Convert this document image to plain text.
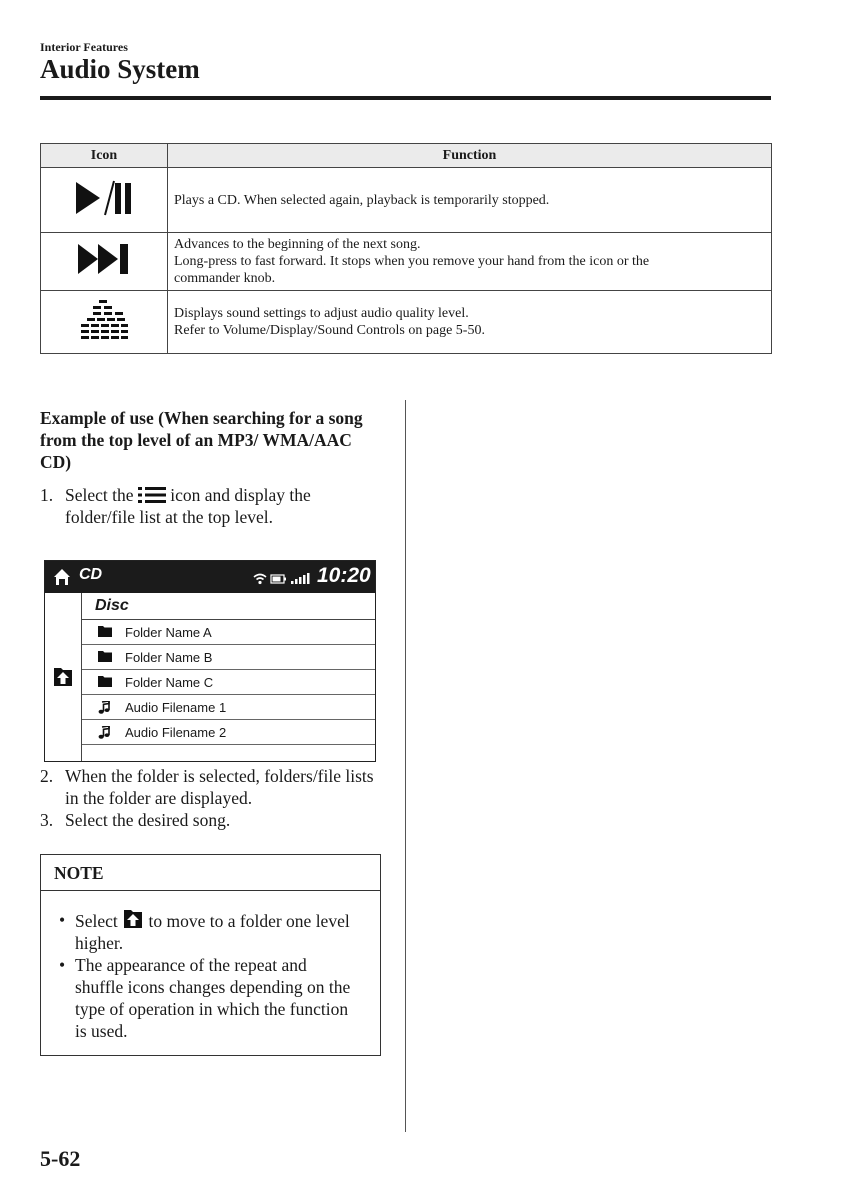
Interior Features
Audio System
Icon	Function

Plays a CD. When selected again, playback is temporarily stopped.

Advances to the beginning of the next song.
Long-press to fast forward. It stops when you remove your hand from the icon or the
commander knob.

Displays sound settings to adjust audio quality level.
Refer to Volume/Display/Sound Controls on page 5-50.
Example of use (When searching for a song from the top level of an MP3/ WMA/AAC CD)
1. Select the icon and display the folder/file list at the top level.
CD	10:20
Disc
Folder Name A
Folder Name B
Folder Name C
Audio Filename 1
Audio Filename 2
2. When the folder is selected, folders/file lists in the folder are displayed.
3. Select the desired song.
NOTE
• Select to move to a folder one level higher.
• The appearance of the repeat and shuffle icons changes depending on the type of operation in which the function is used.
5-62
